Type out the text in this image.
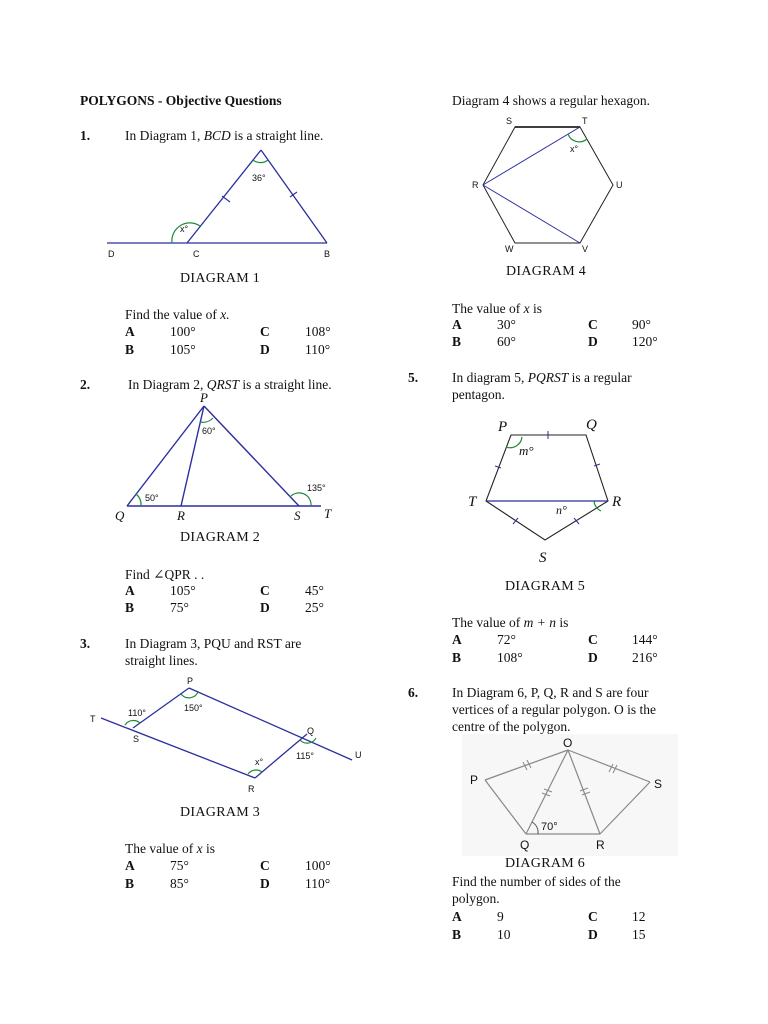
POLYGONS - Objective Questions
1.	In Diagram 1, BCD is a straight line.
36°
x°
D	C	B
DIAGRAM 1
Find the value of x.
A	100°	C	108°
B	105°	D	110°
2.	In Diagram 2, QRST is a straight line.
P
60°
50°
135°
Q	R	S T
DIAGRAM 2
Find ∠QPR . .
A	105°	C	45°
B	75°	D	25°
3.	In Diagram 3, PQU and RST are
straight lines.
P
T
110°	150°
S
Q
115°	U
x°
R
DIAGRAM 3
The value of x is
A	75°	C	100°
B	85°	D	110°
Diagram 4 shows a regular hexagon.
S	T
x°
R	U
W	V
DIAGRAM 4
The value of x is
A	30°	C	90°
B	60°	D	120°
5.	In diagram 5, PQRST is a regular
pentagon.
P	Q
m°
T	n°	R
S
DIAGRAM 5
The value of m + n is
A	72°	C	144°
B	108°	D	216°
6.	In Diagram 6, P, Q, R and S are four
vertices of a regular polygon. O is the
centre of the polygon.
O
P	S
70°
Q	R
DIAGRAM 6
Find the number of sides of the
polygon.
A	9	C	12
B	10	D	15
